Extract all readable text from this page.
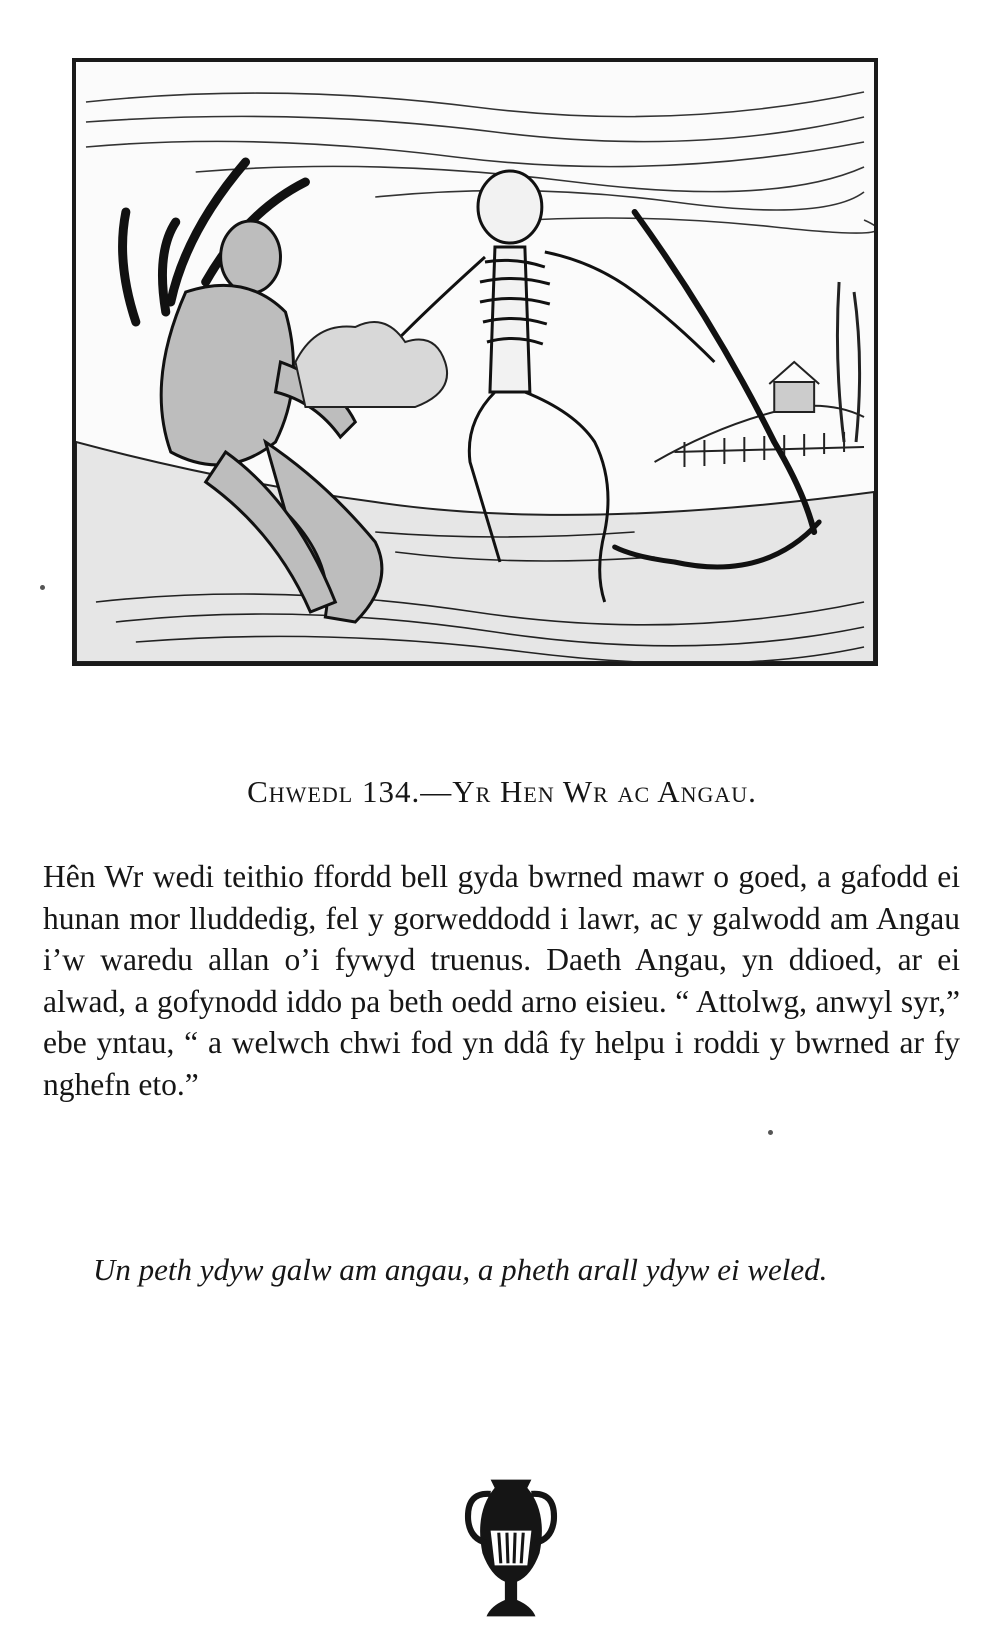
Chwedl 134.—Yr Hen Wr ac Angau.
Hên Wr wedi teithio ffordd bell gyda bwrned mawr o goed, a gafodd ei hunan mor lluddedig, fel y gorweddodd i lawr, ac y galwodd am Angau i’w waredu allan o’i fywyd truenus. Daeth Angau, yn ddioed, ar ei alwad, a gofynodd iddo pa beth oedd arno eisieu. “ Attolwg, anwyl syr,” ebe yntau, “ a welwch chwi fod yn ddâ fy helpu i roddi y bwrned ar fy nghefn eto.”
Un peth ydyw galw am angau, a pheth arall ydyw ei weled.
